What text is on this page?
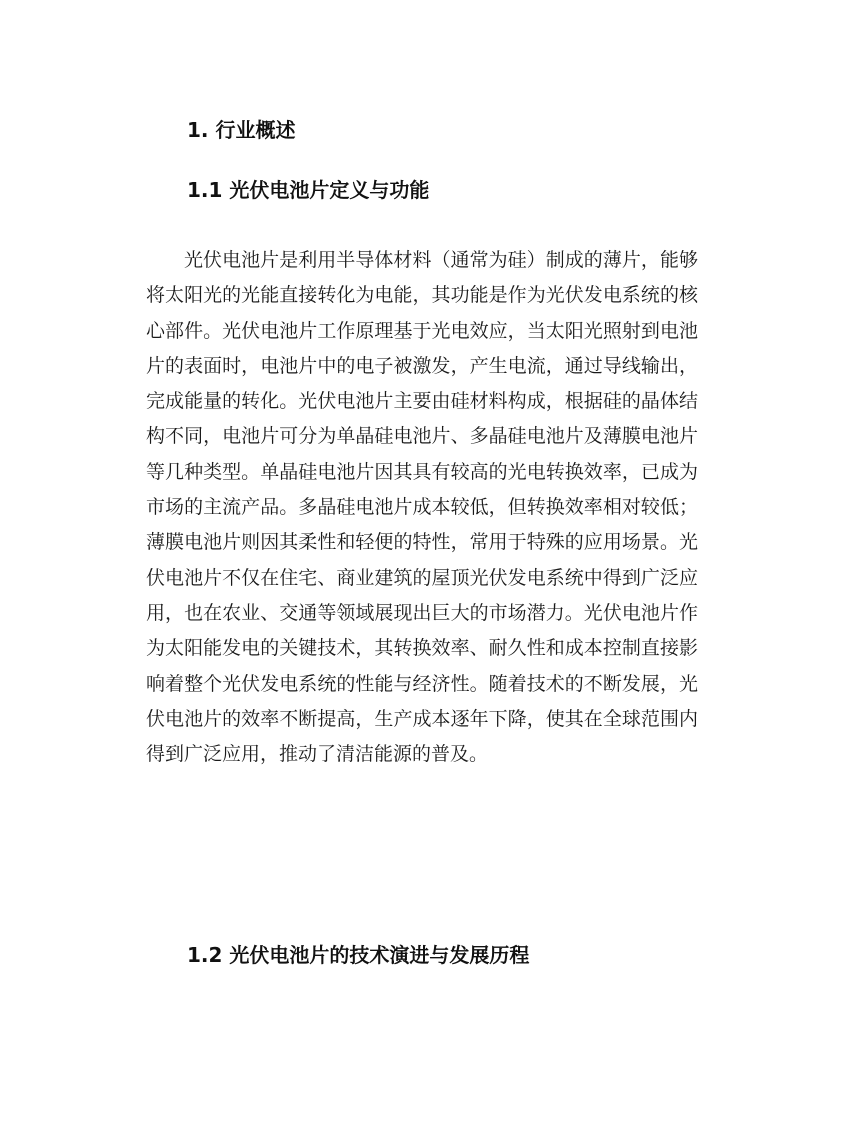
1. 行业概述
1.1 光伏电池片定义与功能

光伏电池片是利用半导体材料（通常为硅）制成的薄片，能够将太阳光的光能直接转化为电能，其功能是作为光伏发电系统的核心部件。光伏电池片工作原理基于光电效应，当太阳光照射到电池片的表面时，电池片中的电子被激发，产生电流，通过导线输出，完成能量的转化。光伏电池片主要由硅材料构成，根据硅的晶体结构不同，电池片可分为单晶硅电池片、多晶硅电池片及薄膜电池片等几种类型。单晶硅电池片因其具有较高的光电转换效率，已成为市场的主流产品。多晶硅电池片成本较低，但转换效率相对较低；薄膜电池片则因其柔性和轻便的特性，常用于特殊的应用场景。光伏电池片不仅在住宅、商业建筑的屋顶光伏发电系统中得到广泛应用，也在农业、交通等领域展现出巨大的市场潜力。光伏电池片作为太阳能发电的关键技术，其转换效率、耐久性和成本控制直接影响着整个光伏发电系统的性能与经济性。随着技术的不断发展，光伏电池片的效率不断提高，生产成本逐年下降，使其在全球范围内得到广泛应用，推动了清洁能源的普及。

1.2 光伏电池片的技术演进与发展历程
